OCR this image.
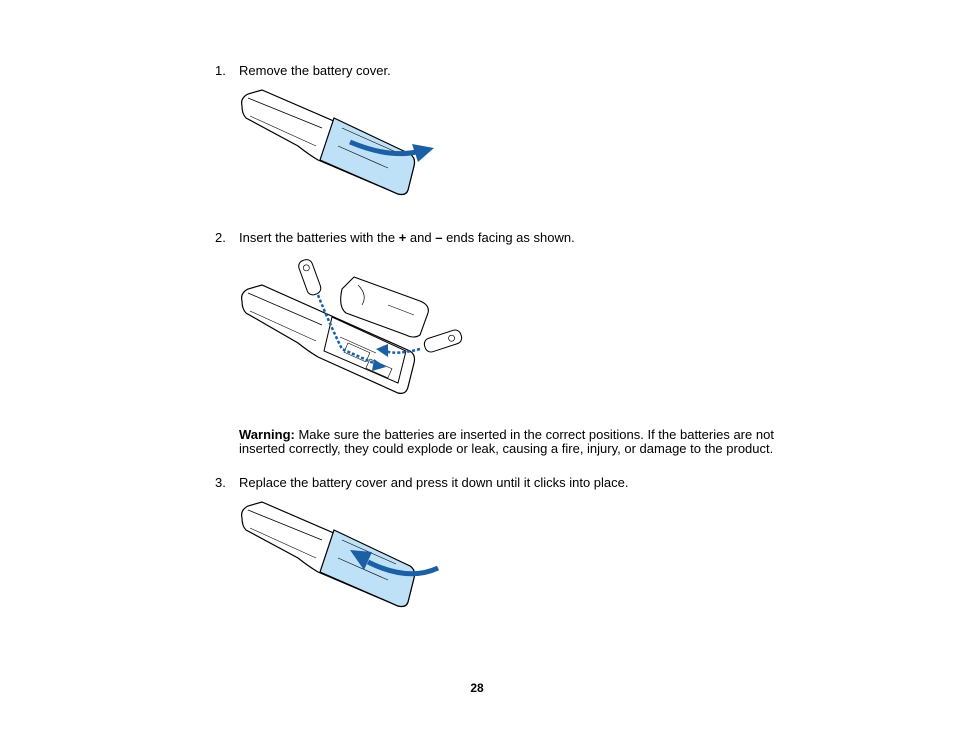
1. Remove the battery cover.
2. Insert the batteries with the + and – ends facing as shown.
Warning: Make sure the batteries are inserted in the correct positions. If the batteries are not inserted correctly, they could explode or leak, causing a fire, injury, or damage to the product.
3. Replace the battery cover and press it down until it clicks into place.
28
